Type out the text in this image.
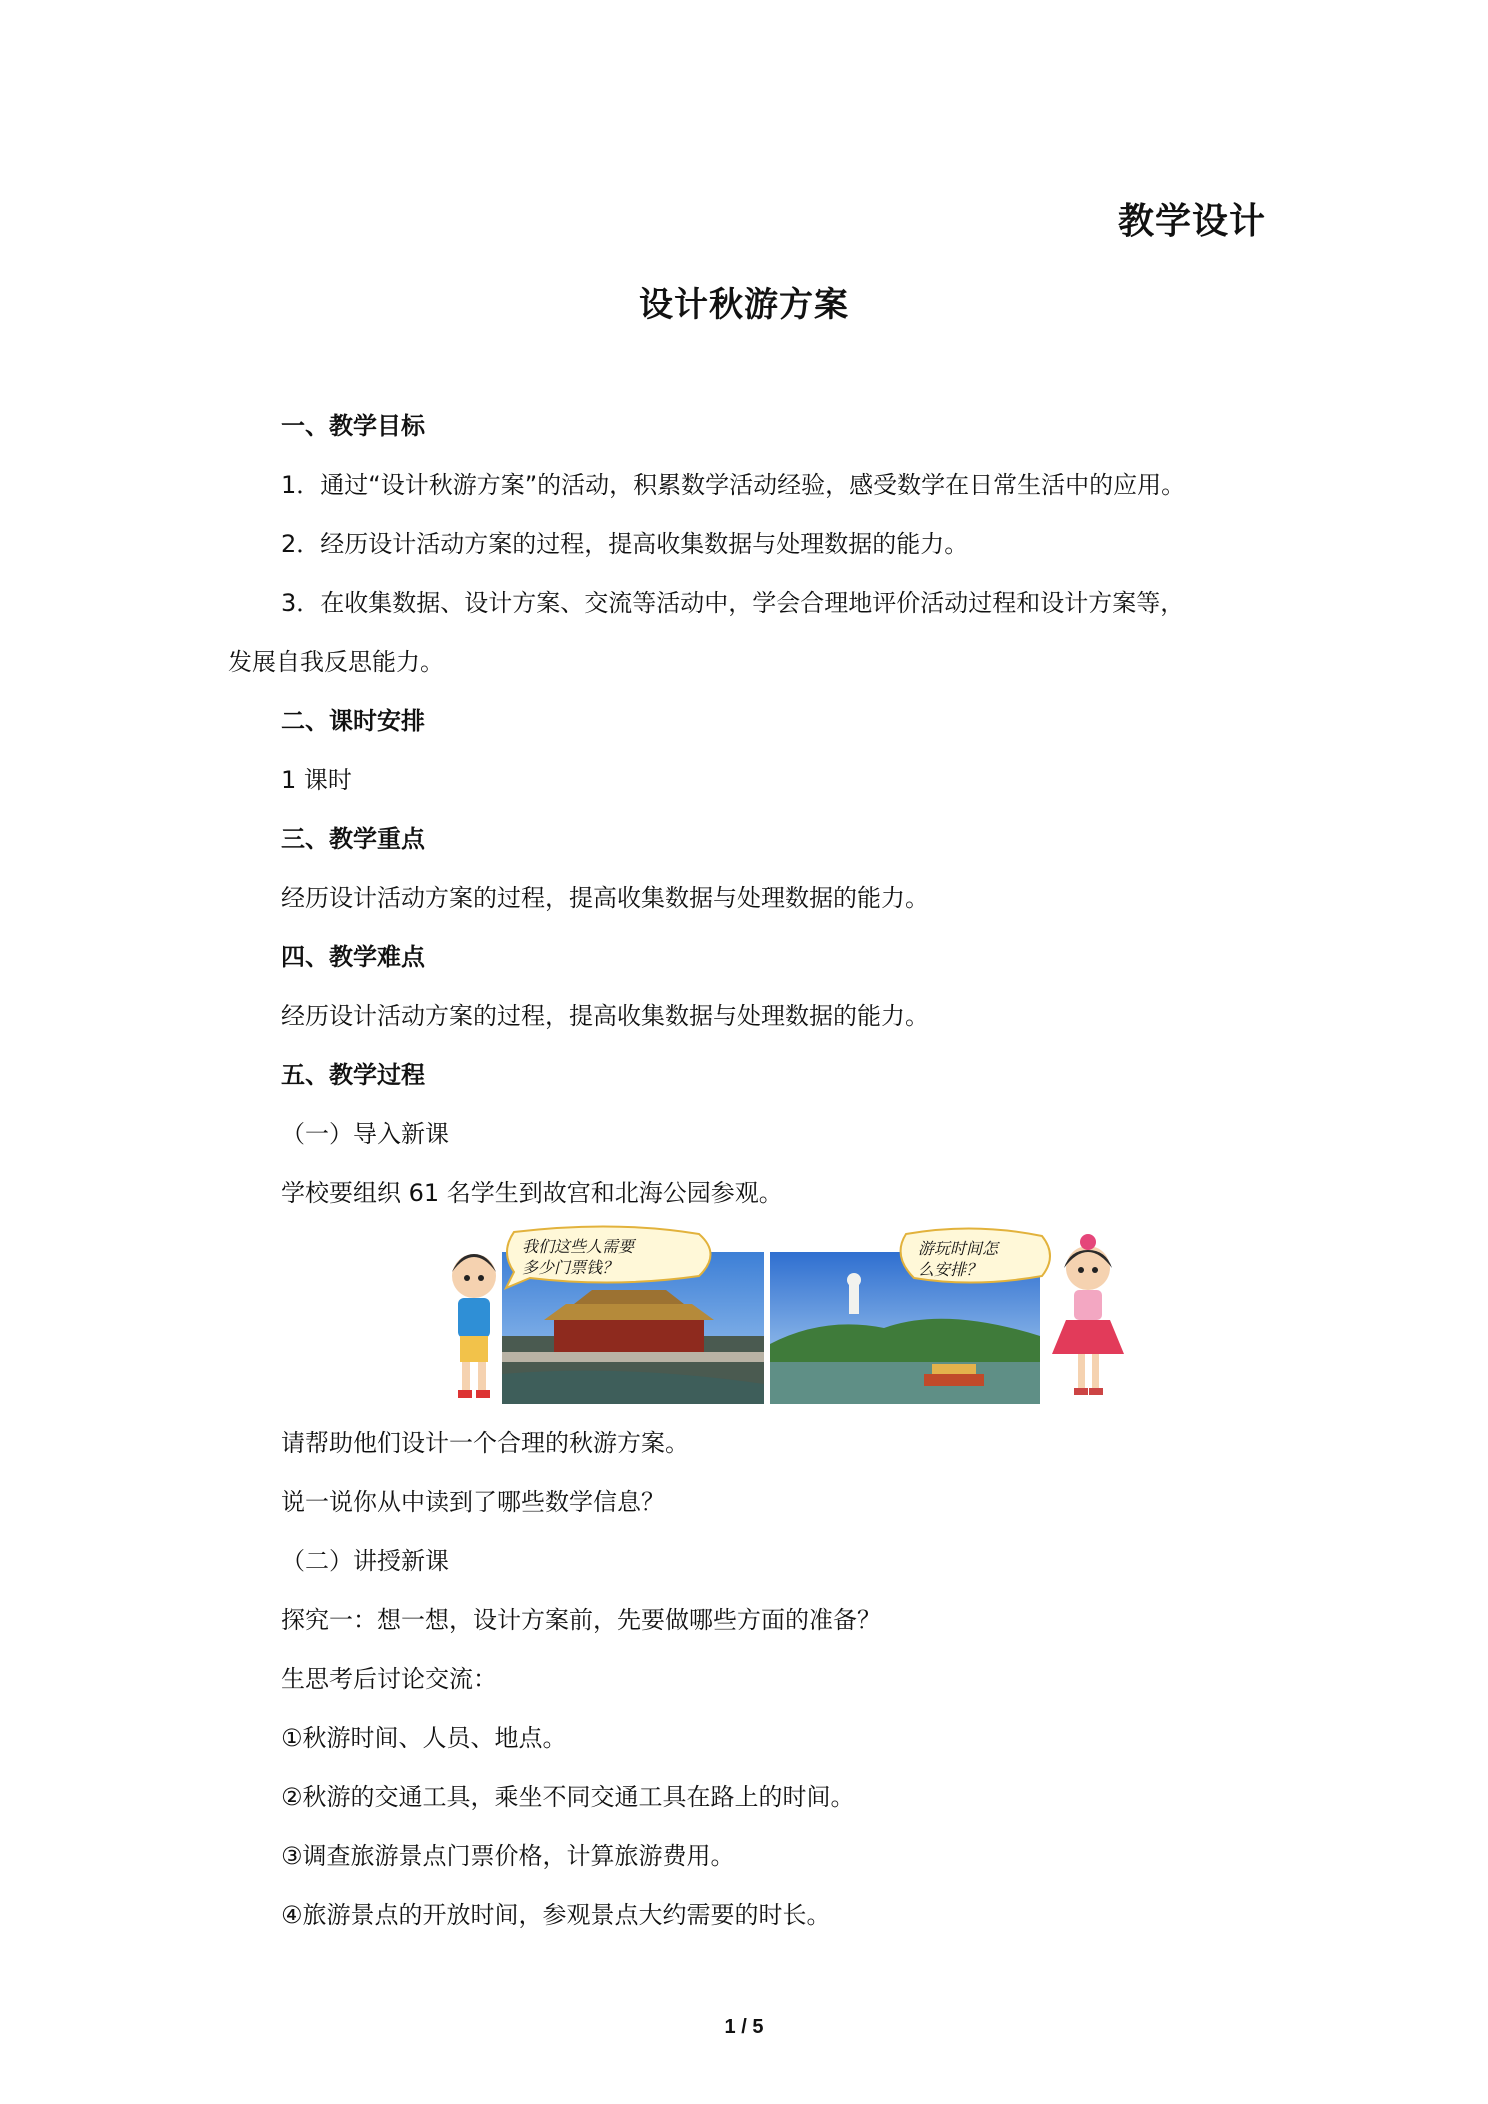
教学设计
设计秋游方案
一、教学目标
1．通过“设计秋游方案”的活动，积累数学活动经验，感受数学在日常生活中的应用。
2．经历设计活动方案的过程，提高收集数据与处理数据的能力。
3．在收集数据、设计方案、交流等活动中，学会合理地评价活动过程和设计方案等，
发展自我反思能力。
二、课时安排
1 课时
三、教学重点
经历设计活动方案的过程，提高收集数据与处理数据的能力。
四、教学难点
经历设计活动方案的过程，提高收集数据与处理数据的能力。
五、教学过程
（一）导入新课
学校要组织 61 名学生到故宫和北海公园参观。
我们这些人需要
多少门票钱？
游玩时间怎
么安排？
请帮助他们设计一个合理的秋游方案。
说一说你从中读到了哪些数学信息？
（二）讲授新课
探究一：想一想，设计方案前，先要做哪些方面的准备？
生思考后讨论交流：
①秋游时间、人员、地点。
②秋游的交通工具，乘坐不同交通工具在路上的时间。
③调查旅游景点门票价格，计算旅游费用。
④旅游景点的开放时间，参观景点大约需要的时长。
1 / 5
